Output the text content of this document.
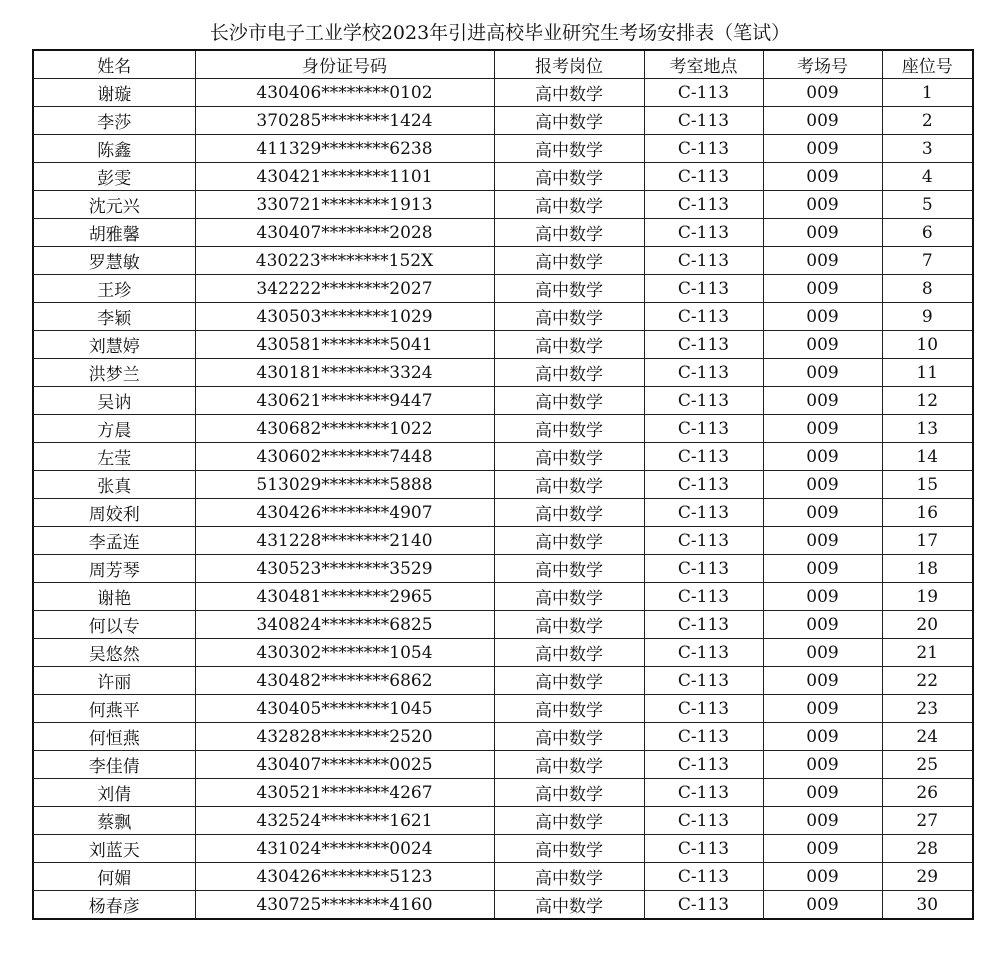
长沙市电子工业学校2023年引进高校毕业研究生考场安排表（笔试）
姓名	身份证号码	报考岗位	考室地点	考场号	座位号
谢璇	430406********0102	高中数学	C-113	009	1
李莎	370285********1424	高中数学	C-113	009	2
陈鑫	411329********6238	高中数学	C-113	009	3
彭雯	430421********1101	高中数学	C-113	009	4
沈元兴	330721********1913	高中数学	C-113	009	5
胡雅馨	430407********2028	高中数学	C-113	009	6
罗慧敏	430223********152X	高中数学	C-113	009	7
王珍	342222********2027	高中数学	C-113	009	8
李颖	430503********1029	高中数学	C-113	009	9
刘慧婷	430581********5041	高中数学	C-113	009	10
洪梦兰	430181********3324	高中数学	C-113	009	11
吴讷	430621********9447	高中数学	C-113	009	12
方晨	430682********1022	高中数学	C-113	009	13
左莹	430602********7448	高中数学	C-113	009	14
张真	513029********5888	高中数学	C-113	009	15
周姣利	430426********4907	高中数学	C-113	009	16
李孟连	431228********2140	高中数学	C-113	009	17
周芳琴	430523********3529	高中数学	C-113	009	18
谢艳	430481********2965	高中数学	C-113	009	19
何以专	340824********6825	高中数学	C-113	009	20
吴悠然	430302********1054	高中数学	C-113	009	21
许丽	430482********6862	高中数学	C-113	009	22
何燕平	430405********1045	高中数学	C-113	009	23
何恒燕	432828********2520	高中数学	C-113	009	24
李佳倩	430407********0025	高中数学	C-113	009	25
刘倩	430521********4267	高中数学	C-113	009	26
蔡飘	432524********1621	高中数学	C-113	009	27
刘蓝天	431024********0024	高中数学	C-113	009	28
何媚	430426********5123	高中数学	C-113	009	29
杨春彦	430725********4160	高中数学	C-113	009	30
